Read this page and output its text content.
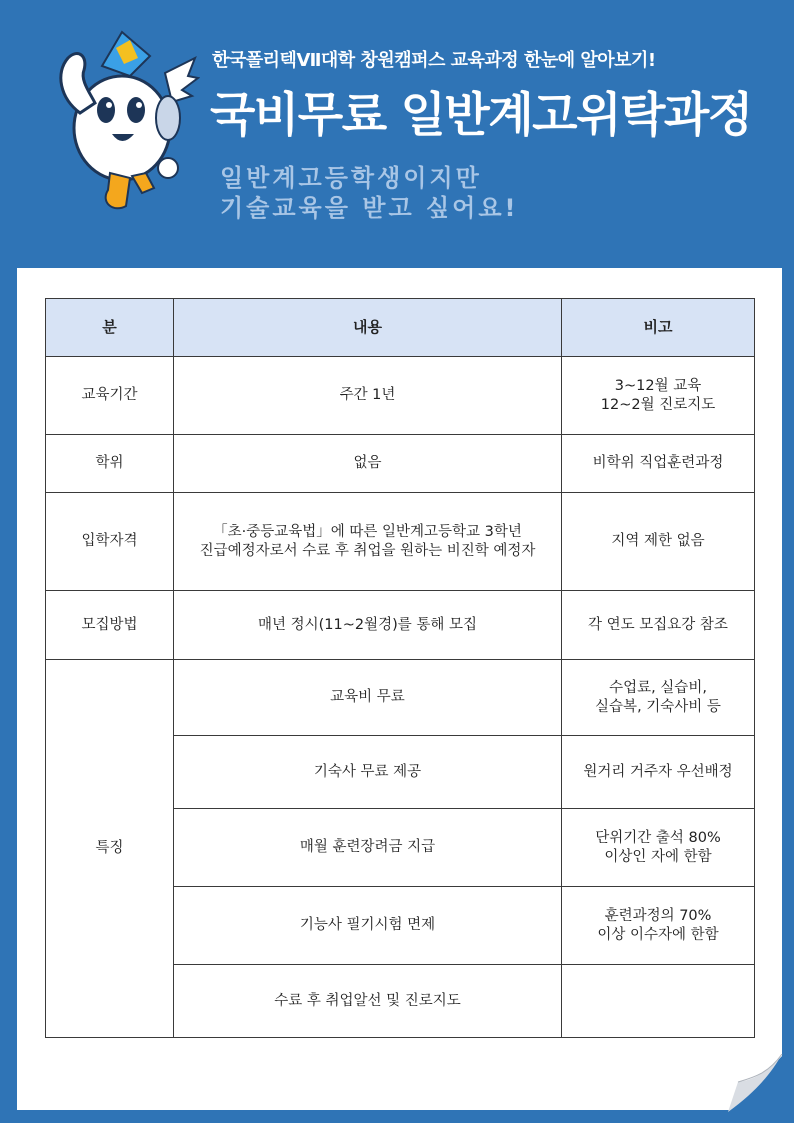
한국폴리텍Ⅶ대학 창원캠퍼스 교육과정 한눈에 알아보기!
국비무료 일반계고위탁과정
일반계고등학생이지만
기술교육을 받고 싶어요!
분	내용	비고
교육기간	주간 1년	3~12월 교육
12~2월 진로지도
학위	없음	비학위 직업훈련과정
입학자격	「초·중등교육법」에 따른 일반계고등학교 3학년
진급예정자로서 수료 후 취업을 원하는 비진학 예정자	지역 제한 없음
모집방법	매년 정시(11~2월경)를 통해 모집	각 연도 모집요강 참조
특징	교육비 무료	수업료, 실습비,
실습복, 기숙사비 등
	기숙사 무료 제공	원거리 거주자 우선배정
	매월 훈련장려금 지급	단위기간 출석 80%
이상인 자에 한함
	기능사 필기시험 면제	훈련과정의 70%
이상 이수자에 한함
	수료 후 취업알선 및 진로지도	
